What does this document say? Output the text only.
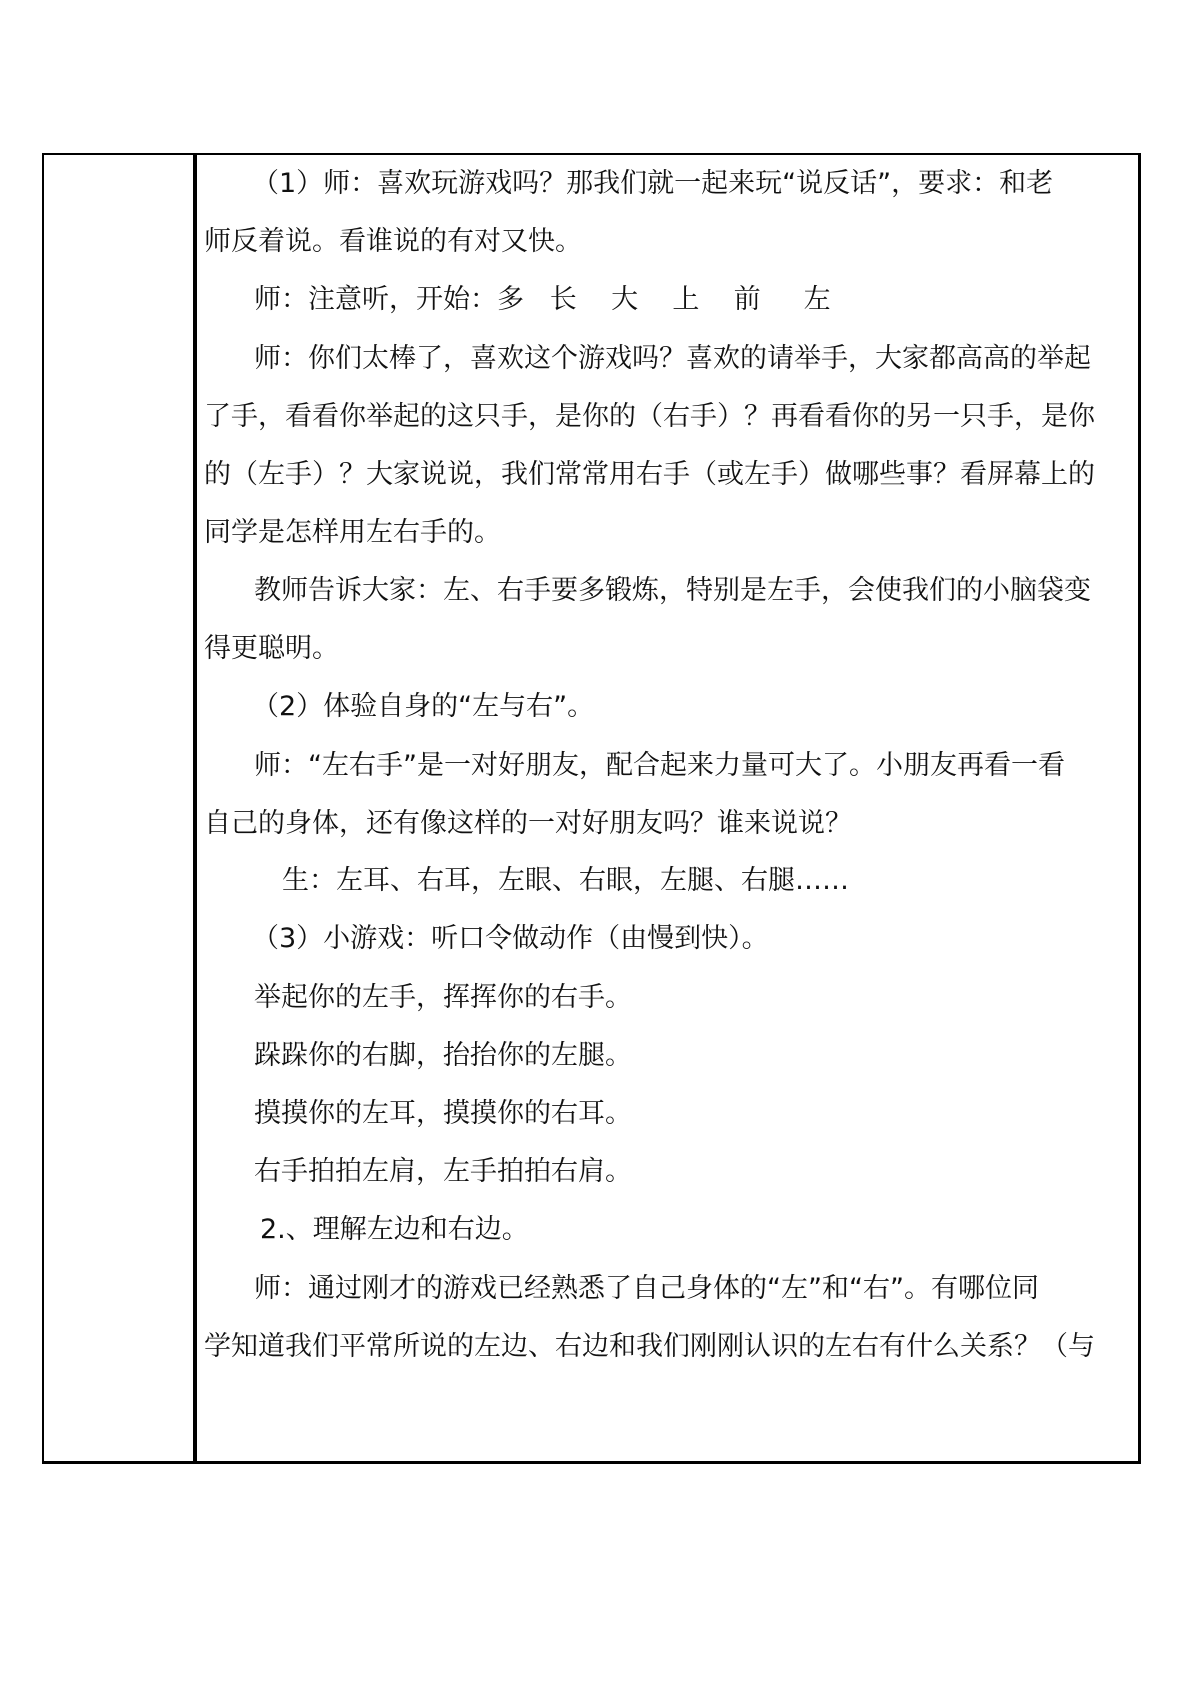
（1）师：喜欢玩游戏吗？那我们就一起来玩“说反话”，要求：和老
师反着说。看谁说的有对又快。
师：注意听，开始：多   长    大    上    前     左
师：你们太棒了，喜欢这个游戏吗？喜欢的请举手，大家都高高的举起
了手，看看你举起的这只手，是你的（右手）？再看看你的另一只手，是你
的（左手）？大家说说，我们常常用右手（或左手）做哪些事？看屏幕上的
同学是怎样用左右手的。
教师告诉大家：左、右手要多锻炼，特别是左手，会使我们的小脑袋变
得更聪明。
（2）体验自身的“左与右”。
师：“左右手”是一对好朋友，配合起来力量可大了。小朋友再看一看
自己的身体，还有像这样的一对好朋友吗？谁来说说？
生：左耳、右耳，左眼、右眼，左腿、右腿……
（3）小游戏：听口令做动作（由慢到快）。
举起你的左手，挥挥你的右手。
跺跺你的右脚，抬抬你的左腿。
摸摸你的左耳，摸摸你的右耳。
右手拍拍左肩，左手拍拍右肩。
2.、理解左边和右边。
师：通过刚才的游戏已经熟悉了自己身体的“左”和“右”。有哪位同
学知道我们平常所说的左边、右边和我们刚刚认识的左右有什么关系？（与
